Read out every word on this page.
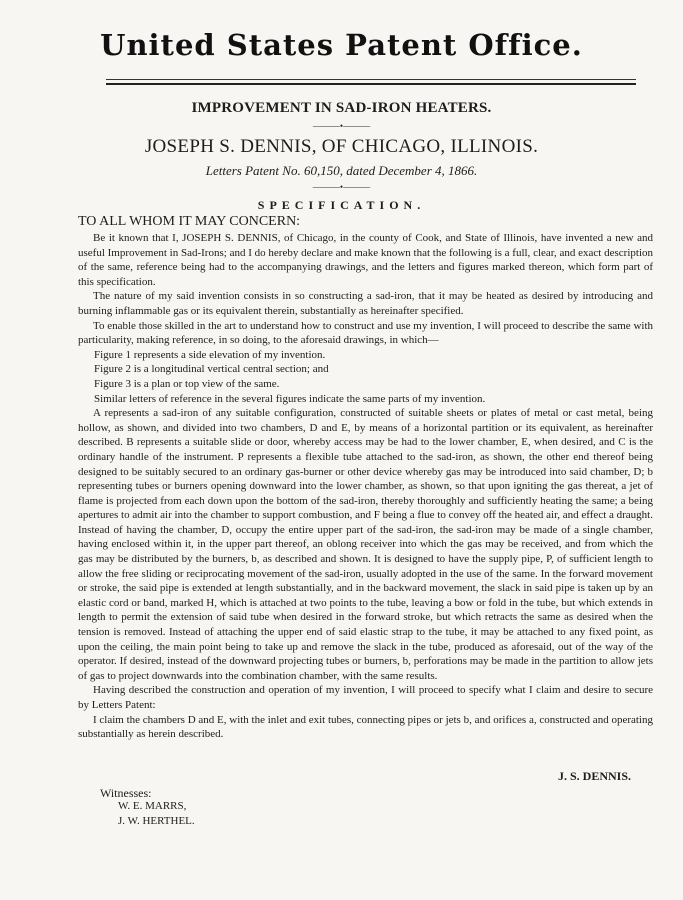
United States Patent Office.
IMPROVEMENT IN SAD-IRON HEATERS.
———•———
JOSEPH S. DENNIS, OF CHICAGO, ILLINOIS.
Letters Patent No. 60,150, dated December 4, 1866.
———•———
SPECIFICATION.
TO ALL WHOM IT MAY CONCERN:

Be it known that I, JOSEPH S. DENNIS, of Chicago, in the county of Cook, and State of Illinois, have invented a new and useful Improvement in Sad-Irons; and I do hereby declare and make known that the following is a full, clear, and exact description of the same, reference being had to the accompanying drawings, and the letters and figures marked thereon, which form part of this specification.

The nature of my said invention consists in so constructing a sad-iron, that it may be heated as desired by introducing and burning inflammable gas or its equivalent therein, substantially as hereinafter specified.

To enable those skilled in the art to understand how to construct and use my invention, I will proceed to describe the same with particularity, making reference, in so doing, to the aforesaid drawings, in which—

Figure 1 represents a side elevation of my invention.

Figure 2 is a longitudinal vertical central section; and

Figure 3 is a plan or top view of the same.

Similar letters of reference in the several figures indicate the same parts of my invention.

A represents a sad-iron of any suitable configuration, constructed of suitable sheets or plates of metal or cast metal, being hollow, as shown, and divided into two chambers, D and E, by means of a horizontal partition or its equivalent, as hereinafter described. B represents a suitable slide or door, whereby access may be had to the lower chamber, E, when desired, and C is the ordinary handle of the instrument. P represents a flexible tube attached to the sad-iron, as shown, the other end thereof being designed to be suitably secured to an ordinary gas-burner or other device whereby gas may be introduced into said chamber, D; b representing tubes or burners opening downward into the lower chamber, as shown, so that upon igniting the gas thereat, a jet of flame is projected from each down upon the bottom of the sad-iron, thereby thoroughly and sufficiently heating the same; a being apertures to admit air into the chamber to support combustion, and F being a flue to convey off the heated air, and effect a draught. Instead of having the chamber, D, occupy the entire upper part of the sad-iron, the sad-iron may be made of a single chamber, having enclosed within it, in the upper part thereof, an oblong receiver into which the gas may be received, and from which the gas may be distributed by the burners, b, as described and shown. It is designed to have the supply pipe, P, of sufficient length to allow the free sliding or reciprocating movement of the sad-iron, usually adopted in the use of the same. In the forward movement or stroke, the said pipe is extended at length substantially, and in the backward movement, the slack in said pipe is taken up by an elastic cord or band, marked H, which is attached at two points to the tube, leaving a bow or fold in the tube, but which extends in length to permit the extension of said tube when desired in the forward stroke, but which retracts the same as desired when the tension is removed. Instead of attaching the upper end of said elastic strap to the tube, it may be attached to any fixed point, as upon the ceiling, the main point being to take up and remove the slack in the tube, produced as aforesaid, out of the way of the operator. If desired, instead of the downward projecting tubes or burners, b, perforations may be made in the partition to allow jets of gas to project downwards into the combination chamber, with the same results.

Having described the construction and operation of my invention, I will proceed to specify what I claim and desire to secure by Letters Patent:

I claim the chambers D and E, with the inlet and exit tubes, connecting pipes or jets b, and orifices a, constructed and operating substantially as herein described.

J. S. DENNIS.
Witnesses:
W. E. MARRS,
J. W. HERTHEL.
